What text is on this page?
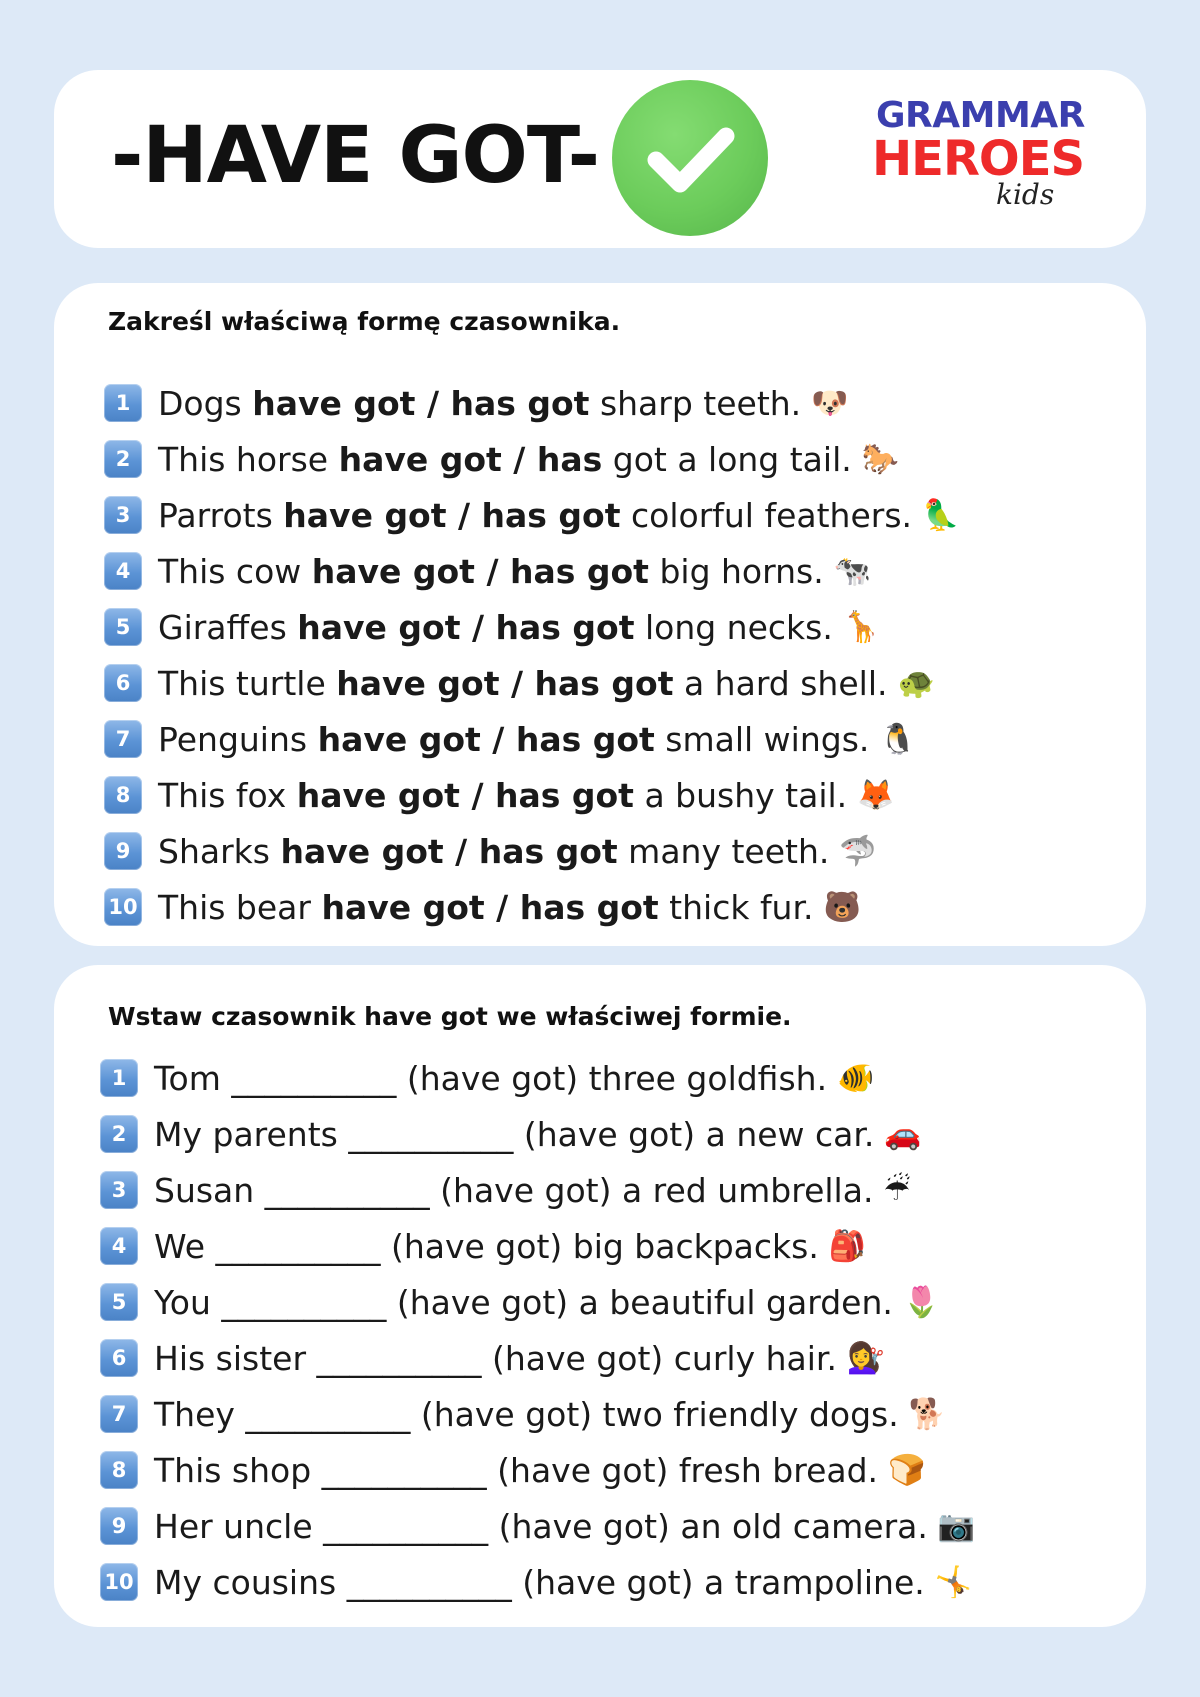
-HAVE GOT-	GRAMMAR
HEROES
kids
Zakreśl właściwą formę czasownika.
1 Dogs
have got / has got
sharp teeth. 🐶
2 This horse
have got / has
got a long tail. 🐎
3 Parrots
have got / has got
colorful feathers. 🦜
4 This cow
have got / has got
big horns. 🐄
5 Giraffes
have got / has got
long necks. 🦒
6 This turtle
have got / has got
a hard shell. 🐢
7 Penguins
have got / has got
small wings. 🐧
8 This fox
have got / has got
a bushy tail. 🦊
9 Sharks
have got / has got
many teeth. 🦈
10 This bear
have got / has got
thick fur. 🐻
Wstaw czasownik have got we właściwej formie.
1 Tom __________ (have got) three goldfish. 🐠
2 My parents __________ (have got) a new car. 🚗
3 Susan __________ (have got) a red umbrella. ☔
4 We __________ (have got) big backpacks. 🎒
5 You __________ (have got) a beautiful garden. 🌷
6 His sister __________ (have got) curly hair. 💇‍♀️
7 They __________ (have got) two friendly dogs. 🐕
8 This shop __________ (have got) fresh bread. 🍞
9 Her uncle __________ (have got) an old camera. 📷
10 My cousins __________ (have got) a trampoline. 🤸
